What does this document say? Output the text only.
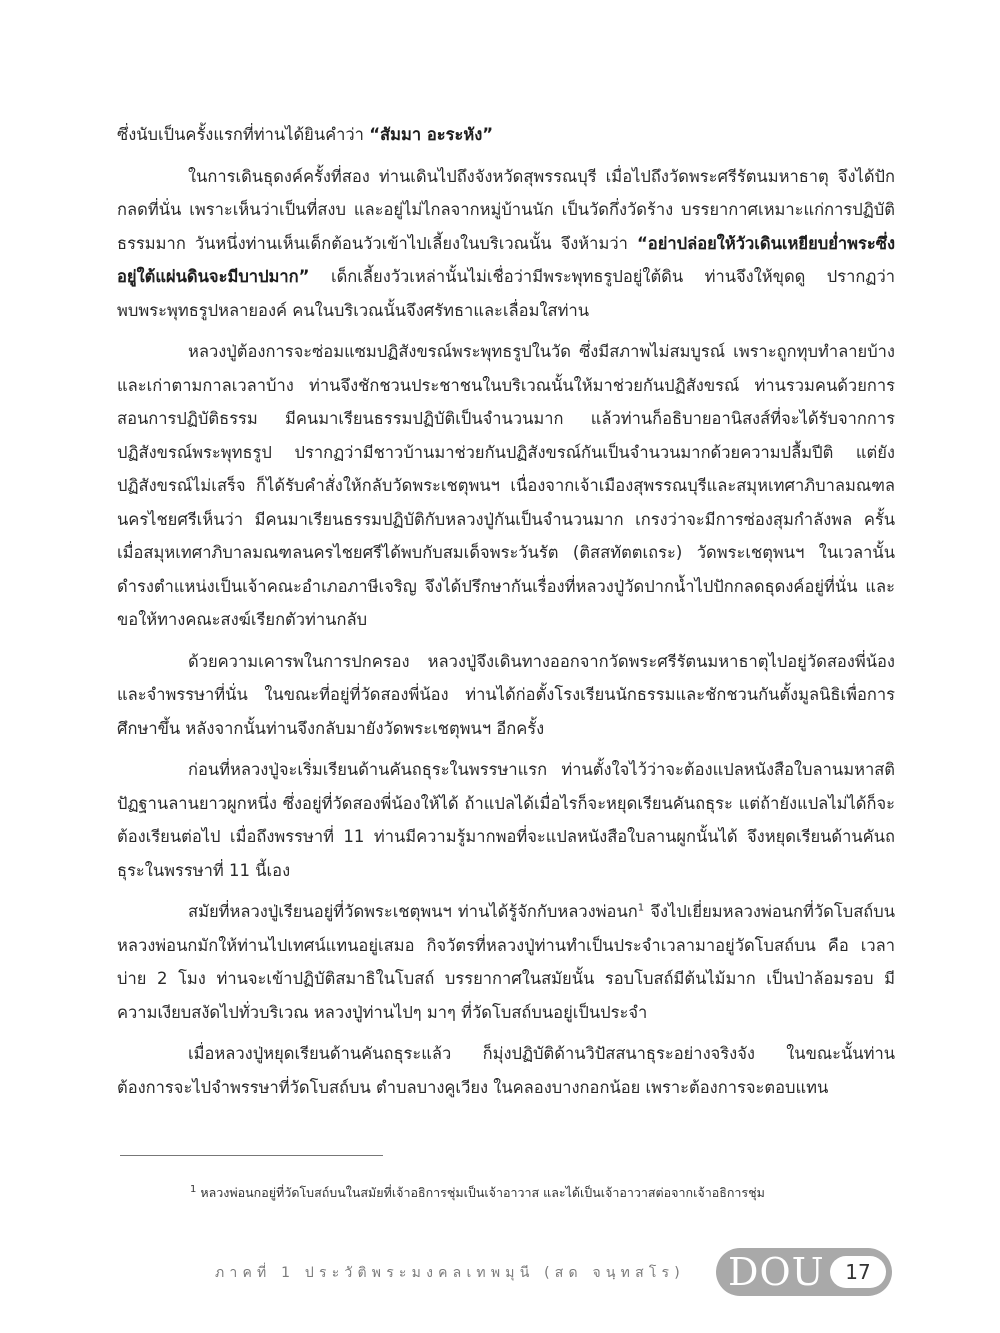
ซึ่งนับเป็นครั้งแรกที่ท่านได้ยินคำว่า “สัมมา อะระหัง”

ในการเดินธุดงค์ครั้งที่สอง ท่านเดินไปถึงจังหวัดสุพรรณบุรี เมื่อไปถึงวัดพระศรีรัตนมหาธาตุ จึงได้ปักกลดที่นั่น เพราะเห็นว่าเป็นที่สงบ และอยู่ไม่ไกลจากหมู่บ้านนัก เป็นวัดกึ่งวัดร้าง บรรยากาศเหมาะแก่การปฏิบัติธรรมมาก วันหนึ่งท่านเห็นเด็กต้อนวัวเข้าไปเลี้ยงในบริเวณนั้น จึงห้ามว่า “อย่าปล่อยให้วัวเดินเหยียบย่ำพระซึ่งอยู่ใต้แผ่นดินจะมีบาปมาก” เด็กเลี้ยงวัวเหล่านั้นไม่เชื่อว่ามีพระพุทธรูปอยู่ใต้ดิน ท่านจึงให้ขุดดู ปรากฏว่าพบพระพุทธรูปหลายองค์ คนในบริเวณนั้นจึงศรัทธาและเลื่อมใสท่าน

หลวงปู่ต้องการจะซ่อมแซมปฏิสังขรณ์พระพุทธรูปในวัด ซึ่งมีสภาพไม่สมบูรณ์ เพราะถูกทุบทำลายบ้าง และเก่าตามกาลเวลาบ้าง ท่านจึงชักชวนประชาชนในบริเวณนั้นให้มาช่วยกันปฏิสังขรณ์ ท่านรวมคนด้วยการสอนการปฏิบัติธรรม มีคนมาเรียนธรรมปฏิบัติเป็นจำนวนมาก แล้วท่านก็อธิบายอานิสงส์ที่จะได้รับจากการปฏิสังขรณ์พระพุทธรูป ปรากฏว่ามีชาวบ้านมาช่วยกันปฏิสังขรณ์กันเป็นจำนวนมากด้วยความปลื้มปีติ แต่ยังปฏิสังขรณ์ไม่เสร็จ ก็ได้รับคำสั่งให้กลับวัดพระเชตุพนฯ เนื่องจากเจ้าเมืองสุพรรณบุรีและสมุหเทศาภิบาลมณฑลนครไชยศรีเห็นว่า มีคนมาเรียนธรรมปฏิบัติกับหลวงปู่กันเป็นจำนวนมาก เกรงว่าจะมีการซ่องสุมกำลังพล ครั้นเมื่อสมุหเทศาภิบาลมณฑลนครไชยศรีได้พบกับสมเด็จพระวันรัต (ติสสทัตตเถระ) วัดพระเชตุพนฯ ในเวลานั้นดำรงตำแหน่งเป็นเจ้าคณะอำเภอภาษีเจริญ จึงได้ปรึกษากันเรื่องที่หลวงปู่วัดปากน้ำไปปักกลดธุดงค์อยู่ที่นั่น และขอให้ทางคณะสงฆ์เรียกตัวท่านกลับ

ด้วยความเคารพในการปกครอง หลวงปู่จึงเดินทางออกจากวัดพระศรีรัตนมหาธาตุไปอยู่วัดสองพี่น้อง และจำพรรษาที่นั่น ในขณะที่อยู่ที่วัดสองพี่น้อง ท่านได้ก่อตั้งโรงเรียนนักธรรมและชักชวนกันตั้งมูลนิธิเพื่อการศึกษาขึ้น หลังจากนั้นท่านจึงกลับมายังวัดพระเชตุพนฯ อีกครั้ง

ก่อนที่หลวงปู่จะเริ่มเรียนด้านคันถธุระในพรรษาแรก ท่านตั้งใจไว้ว่าจะต้องแปลหนังสือใบลานมหาสติปัฏฐานลานยาวผูกหนึ่ง ซึ่งอยู่ที่วัดสองพี่น้องให้ได้ ถ้าแปลได้เมื่อไรก็จะหยุดเรียนคันถธุระ แต่ถ้ายังแปลไม่ได้ก็จะต้องเรียนต่อไป เมื่อถึงพรรษาที่ 11 ท่านมีความรู้มากพอที่จะแปลหนังสือใบลานผูกนั้นได้ จึงหยุดเรียนด้านคันถธุระในพรรษาที่ 11 นี้เอง

สมัยที่หลวงปู่เรียนอยู่ที่วัดพระเชตุพนฯ ท่านได้รู้จักกับหลวงพ่อนก$^1$ จึงไปเยี่ยมหลวงพ่อนกที่วัดโบสถ์บน หลวงพ่อนกมักให้ท่านไปเทศน์แทนอยู่เสมอ กิจวัตรที่หลวงปู่ท่านทำเป็นประจำเวลามาอยู่วัดโบสถ์บน คือ เวลาบ่าย 2 โมง ท่านจะเข้าปฏิบัติสมาธิในโบสถ์ บรรยากาศในสมัยนั้น รอบโบสถ์มีต้นไม้มาก เป็นป่าล้อมรอบ มีความเงียบสงัดไปทั่วบริเวณ หลวงปู่ท่านไปๆ มาๆ ที่วัดโบสถ์บนอยู่เป็นประจำ

เมื่อหลวงปู่หยุดเรียนด้านคันถธุระแล้ว ก็มุ่งปฏิบัติด้านวิปัสสนาธุระอย่างจริงจัง ในขณะนั้นท่านต้องการจะไปจำพรรษาที่วัดโบสถ์บน ตำบลบางคูเวียง ในคลองบางกอกน้อย เพราะต้องการจะตอบแทน

$^1$ หลวงพ่อนกอยู่ที่วัดโบสถ์บนในสมัยที่เจ้าอธิการชุ่มเป็นเจ้าอาวาส และได้เป็นเจ้าอาวาสต่อจากเจ้าอธิการชุ่ม
ภาคที่ 1 ประวัติพระมงคลเทพมุนี (สด จนฺทสโร) DOU	17
